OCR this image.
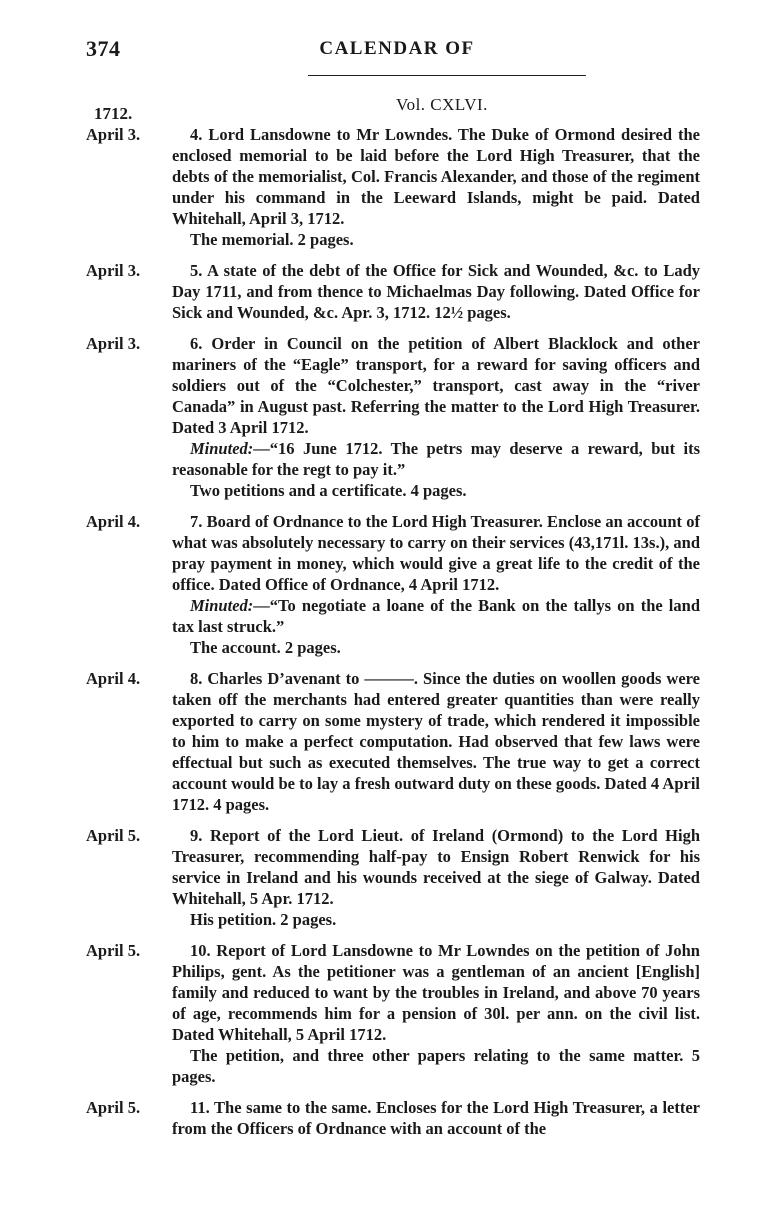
374	CALENDAR OF
Vol. CXLVI.
1712.
April 3.	4. Lord Lansdowne to Mr Lowndes. The Duke of Ormond desired the enclosed memorial to be laid before the Lord High Treasurer, that the debts of the memorialist, Col. Francis Alexander, and those of the regiment under his command in the Leeward Islands, might be paid. Dated Whitehall, April 3, 1712.
The memorial. 2 pages.
April 3.	5. A state of the debt of the Office for Sick and Wounded, &c. to Lady Day 1711, and from thence to Michaelmas Day following. Dated Office for Sick and Wounded, &c. Apr. 3, 1712. 12½ pages.
April 3.	6. Order in Council on the petition of Albert Blacklock and other mariners of the “Eagle” transport, for a reward for saving officers and soldiers out of the “Colchester,” transport, cast away in the “river Canada” in August past. Referring the matter to the Lord High Treasurer. Dated 3 April 1712.
Minuted:—“16 June 1712. The petrs may deserve a reward, but its reasonable for the regt to pay it.”
Two petitions and a certificate. 4 pages.
April 4.	7. Board of Ordnance to the Lord High Treasurer. Enclose an account of what was absolutely necessary to carry on their services (43,171l. 13s.), and pray payment in money, which would give a great life to the credit of the office. Dated Office of Ordnance, 4 April 1712.
Minuted:—“To negotiate a loane of the Bank on the tallys on the land tax last struck.”
The account. 2 pages.
April 4.	8. Charles D’avenant to ———. Since the duties on woollen goods were taken off the merchants had entered greater quantities than were really exported to carry on some mystery of trade, which rendered it impossible to him to make a perfect computation. Had observed that few laws were effectual but such as executed themselves. The true way to get a correct account would be to lay a fresh outward duty on these goods. Dated 4 April 1712. 4 pages.
April 5.	9. Report of the Lord Lieut. of Ireland (Ormond) to the Lord High Treasurer, recommending half-pay to Ensign Robert Renwick for his service in Ireland and his wounds received at the siege of Galway. Dated Whitehall, 5 Apr. 1712.
His petition. 2 pages.
April 5.	10. Report of Lord Lansdowne to Mr Lowndes on the petition of John Philips, gent. As the petitioner was a gentleman of an ancient [English] family and reduced to want by the troubles in Ireland, and above 70 years of age, recommends him for a pension of 30l. per ann. on the civil list. Dated Whitehall, 5 April 1712.
The petition, and three other papers relating to the same matter. 5 pages.
April 5.	11. The same to the same. Encloses for the Lord High Treasurer, a letter from the Officers of Ordnance with an account of the
